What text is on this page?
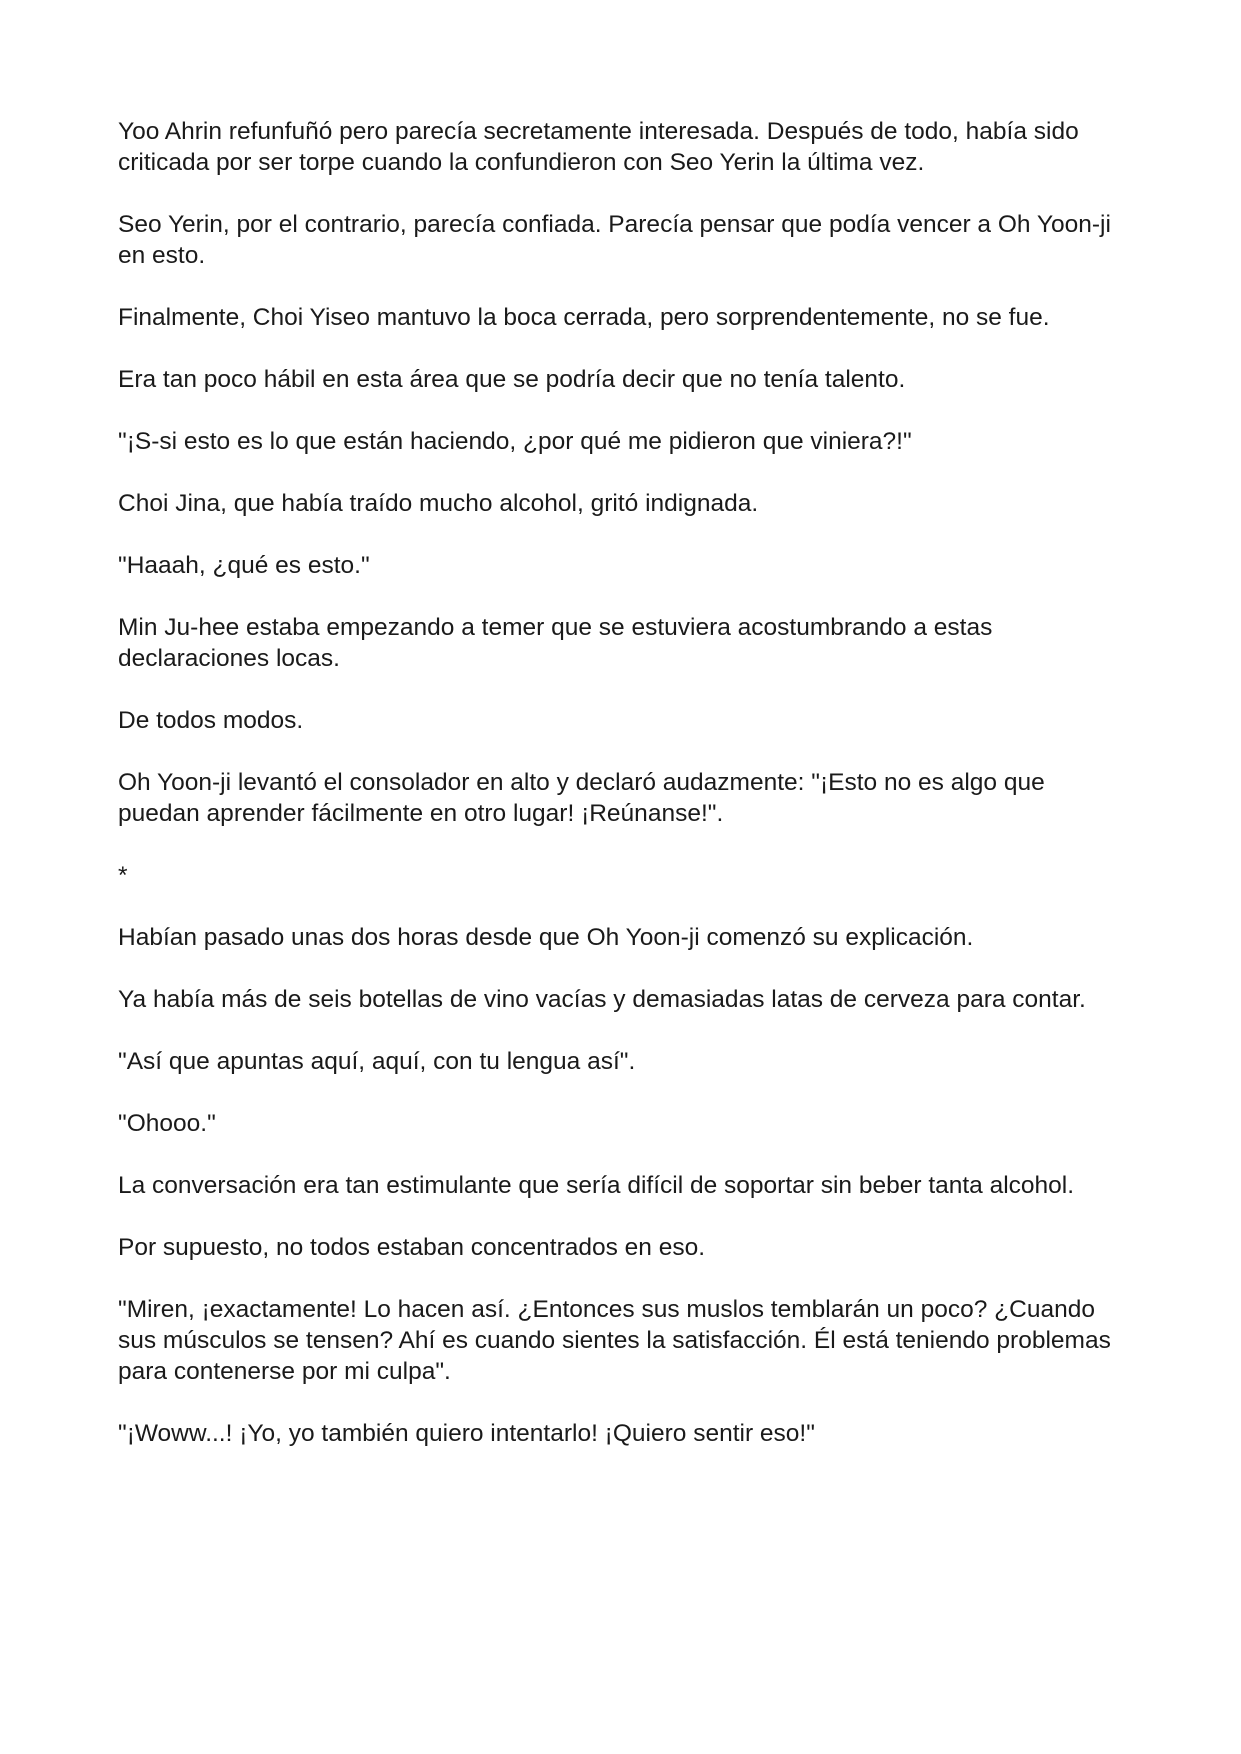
Yoo Ahrin refunfuñó pero parecía secretamente interesada. Después de todo, había sido criticada por ser torpe cuando la confundieron con Seo Yerin la última vez.

Seo Yerin, por el contrario, parecía confiada. Parecía pensar que podía vencer a Oh Yoon-ji en esto.

Finalmente, Choi Yiseo mantuvo la boca cerrada, pero sorprendentemente, no se fue.

Era tan poco hábil en esta área que se podría decir que no tenía talento.

"¡S-si esto es lo que están haciendo, ¿por qué me pidieron que viniera?!"

Choi Jina, que había traído mucho alcohol, gritó indignada.

"Haaah, ¿qué es esto."

Min Ju-hee estaba empezando a temer que se estuviera acostumbrando a estas declaraciones locas.

De todos modos.

Oh Yoon-ji levantó el consolador en alto y declaró audazmente: "¡Esto no es algo que puedan aprender fácilmente en otro lugar! ¡Reúnanse!".

*

Habían pasado unas dos horas desde que Oh Yoon-ji comenzó su explicación.

Ya había más de seis botellas de vino vacías y demasiadas latas de cerveza para contar.

"Así que apuntas aquí, aquí, con tu lengua así".

"Ohooo."

La conversación era tan estimulante que sería difícil de soportar sin beber tanta alcohol.

Por supuesto, no todos estaban concentrados en eso.

"Miren, ¡exactamente! Lo hacen así. ¿Entonces sus muslos temblarán un poco? ¿Cuando sus músculos se tensen? Ahí es cuando sientes la satisfacción. Él está teniendo problemas para contenerse por mi culpa".

"¡Woww...! ¡Yo, yo también quiero intentarlo! ¡Quiero sentir eso!"
